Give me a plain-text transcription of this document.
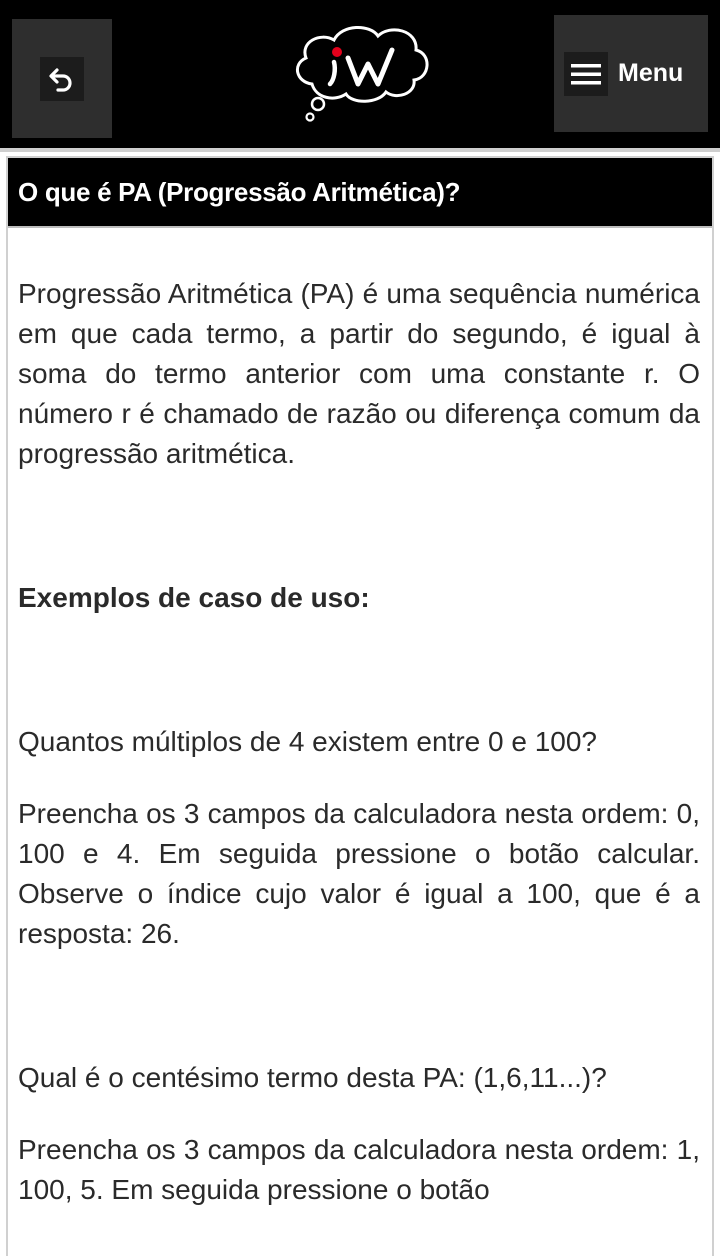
Menu
O que é PA (Progressão Aritmética)?

Progressão Aritmética (PA) é uma sequência numérica em que cada termo, a partir do segundo, é igual à soma do termo anterior com uma constante r. O número r é chamado de razão ou diferença comum da progressão aritmética.

Exemplos de caso de uso:

Quantos múltiplos de 4 existem entre 0 e 100?

Preencha os 3 campos da calculadora nesta ordem: 0, 100 e 4. Em seguida pressione o botão calcular. Observe o índice cujo valor é igual a 100, que é a resposta: 26.

Qual é o centésimo termo desta PA: (1,6,11...)?

Preencha os 3 campos da calculadora nesta ordem: 1, 100, 5. Em seguida pressione o botão
